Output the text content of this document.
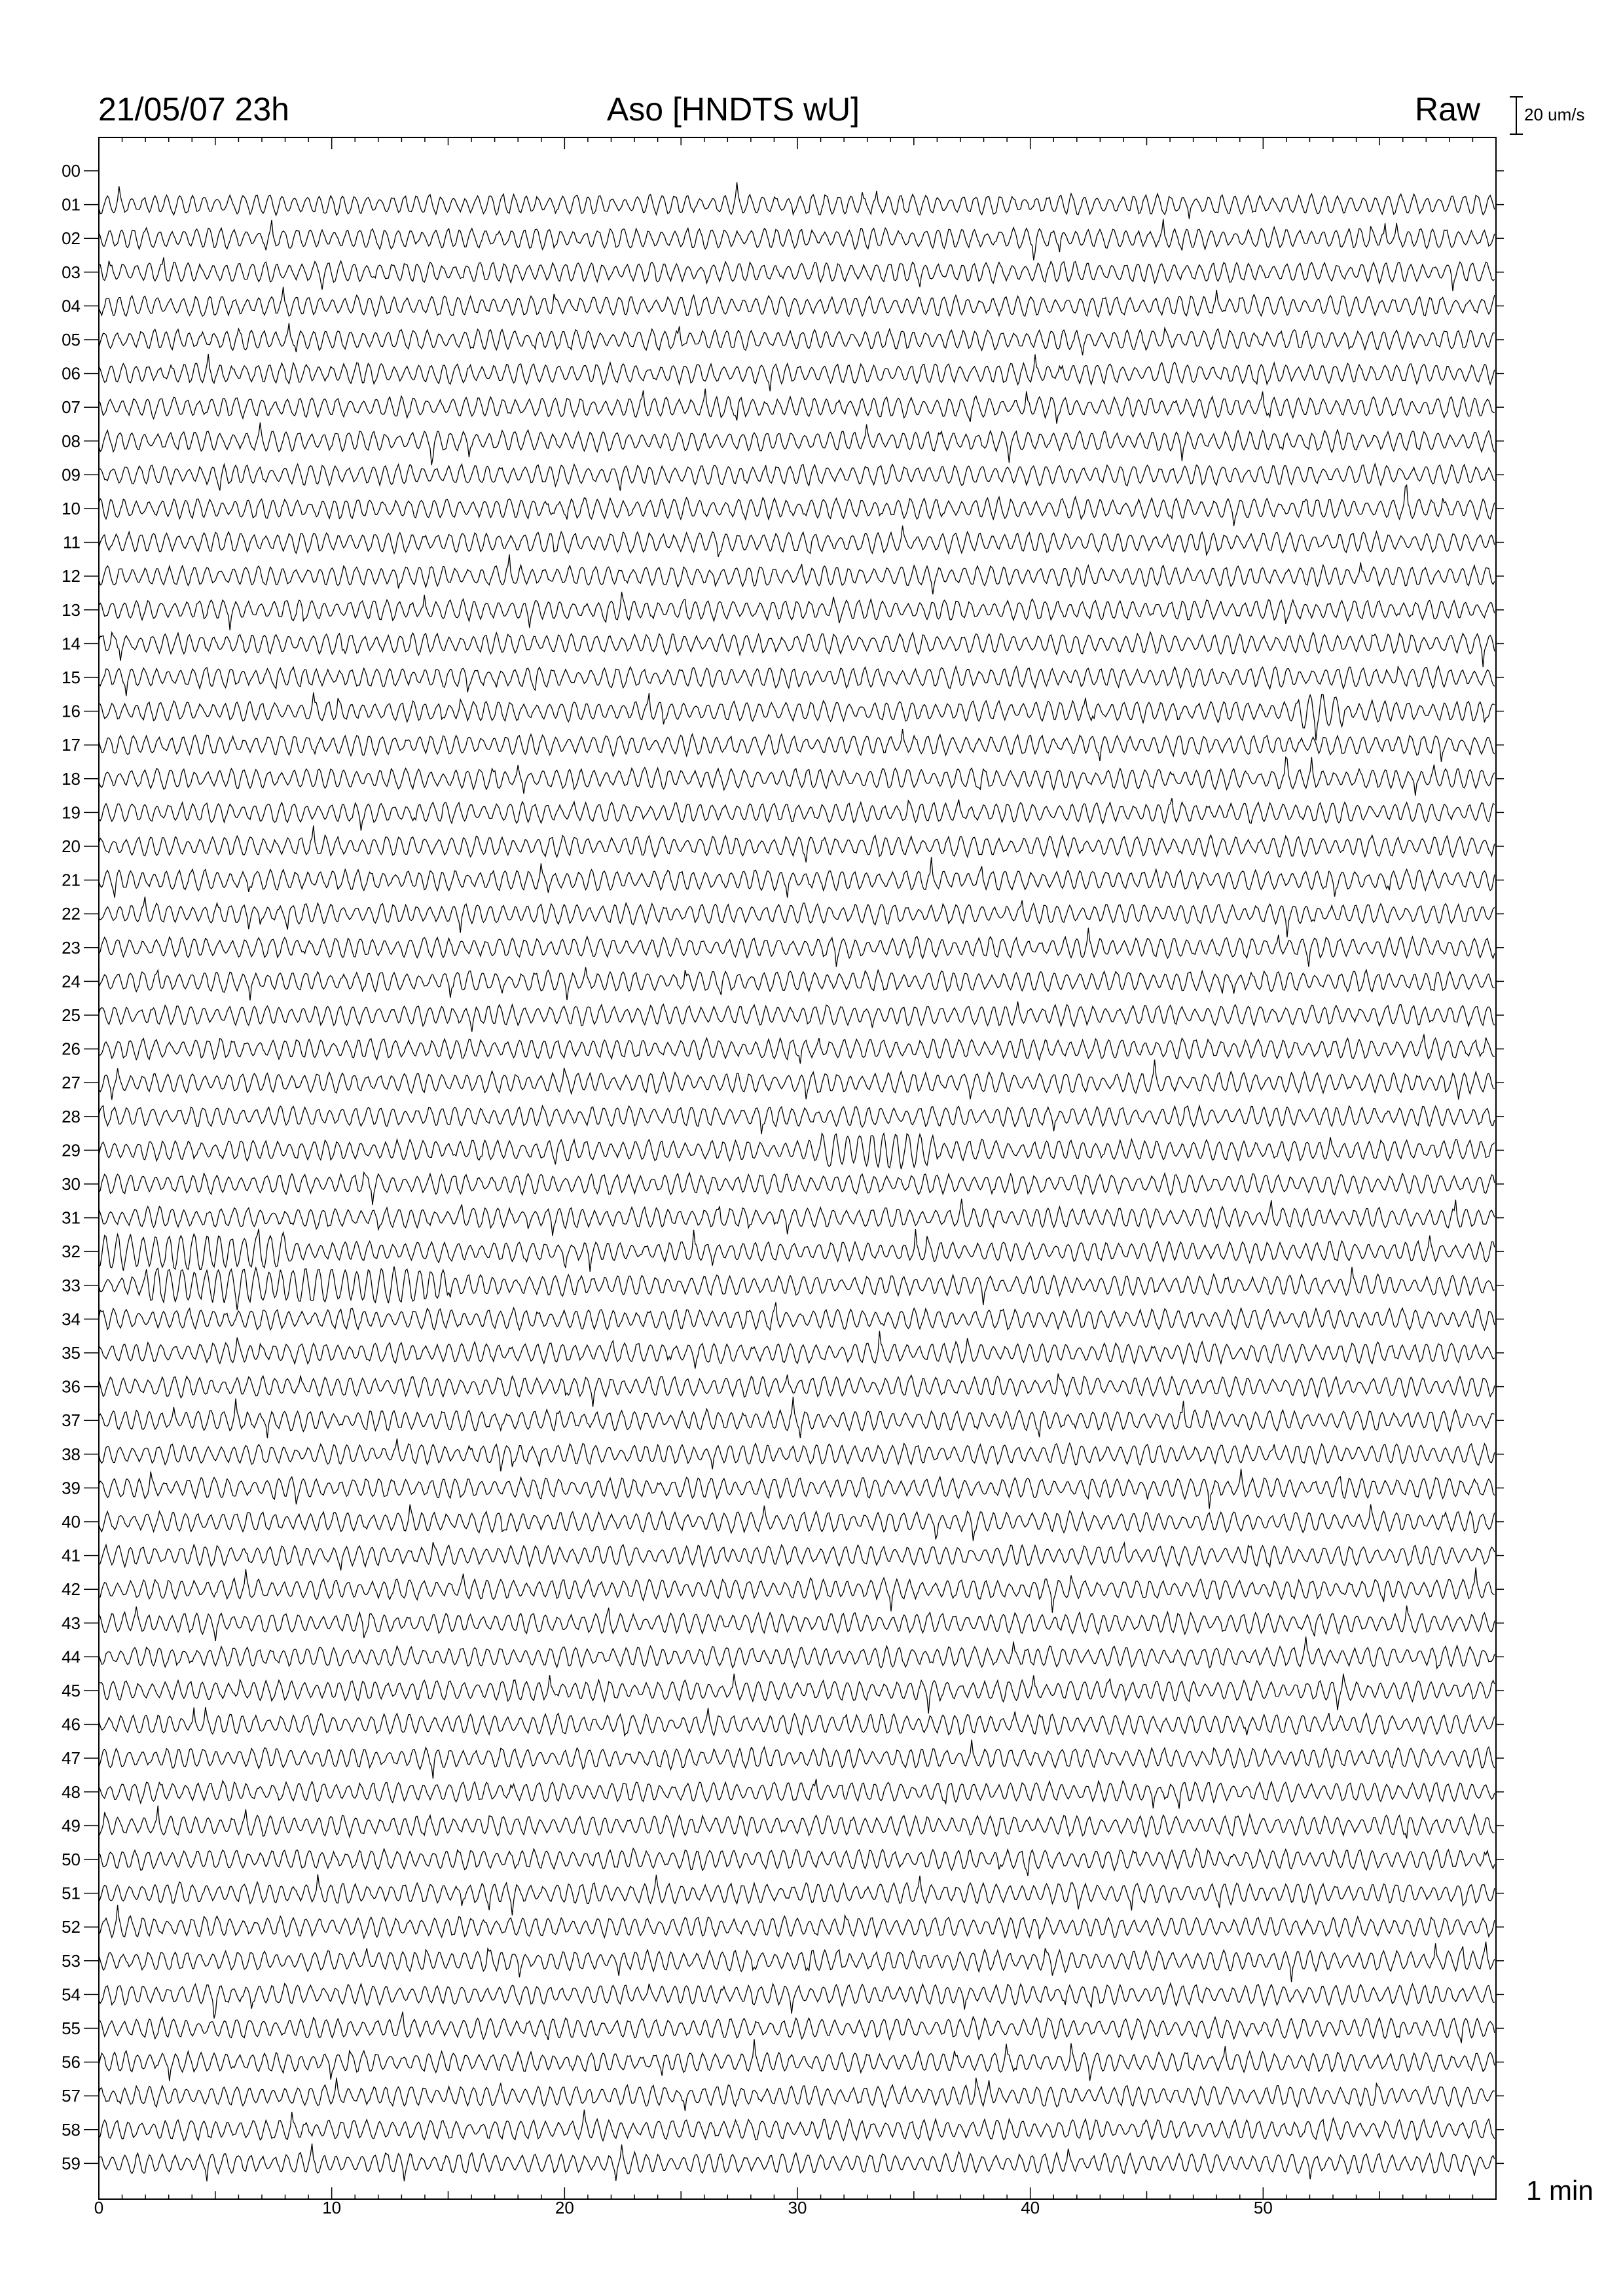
21/05/07 23h	Aso [HNDTS wU]	Raw	20 um/s
1 min
00
01
02
03
04
05
06
07
08
09
10
11
12
13
14
15
16
17
18
19
20
21
22
23
24
25
26
27
28
29
30
31
32
33
34
35
36
37
38
39
40
41
42
43
44
45
46
47
48
49
50
51
52
53
54
55
56
57
58
59
0	10	20	30	40	50
